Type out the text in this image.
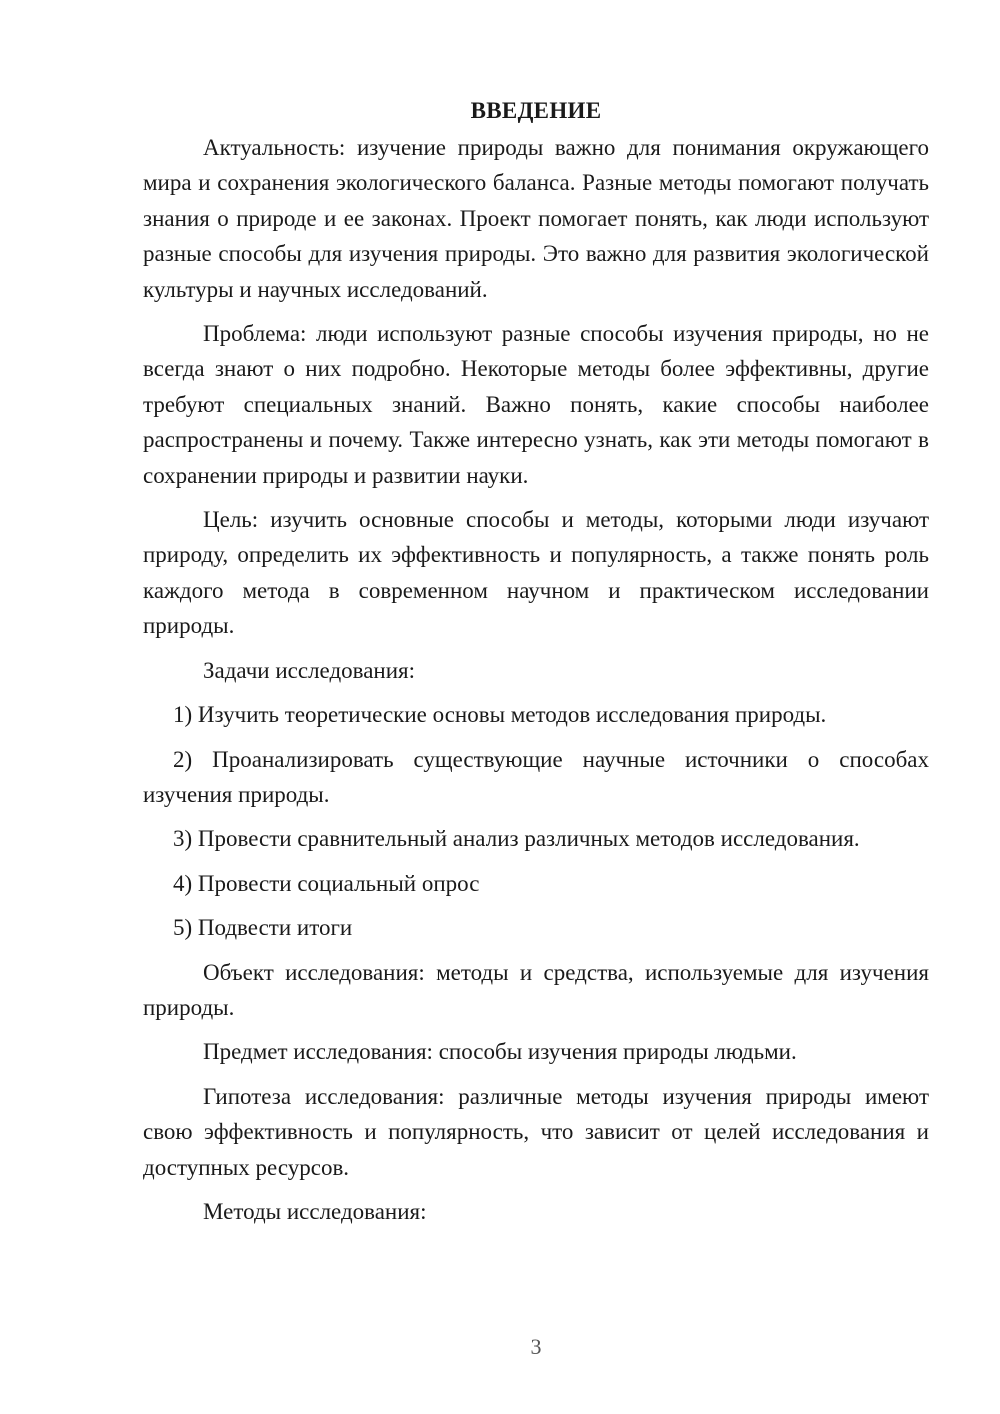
ВВЕДЕНИЕ

Актуальность: изучение природы важно для понимания окружающего мира и сохранения экологического баланса. Разные методы помогают получать знания о природе и ее законах. Проект помогает понять, как люди используют разные способы для изучения природы. Это важно для развития экологической культуры и научных исследований.

Проблема: люди используют разные способы изучения природы, но не всегда знают о них подробно. Некоторые методы более эффективны, другие требуют специальных знаний. Важно понять, какие способы наиболее распространены и почему. Также интересно узнать, как эти методы помогают в сохранении природы и развитии науки.

Цель: изучить основные способы и методы, которыми люди изучают природу, определить их эффективность и популярность, а также понять роль каждого метода в современном научном и практическом исследовании природы.

Задачи исследования:

1) Изучить теоретические основы методов исследования природы.

2) Проанализировать существующие научные источники о способах изучения природы.

3) Провести сравнительный анализ различных методов исследования.

4) Провести социальный опрос

5) Подвести итоги

Объект исследования: методы и средства, используемые для изучения природы.

Предмет исследования: способы изучения природы людьми.

Гипотеза исследования: различные методы изучения природы имеют свою эффективность и популярность, что зависит от целей исследования и доступных ресурсов.

Методы исследования:

3
